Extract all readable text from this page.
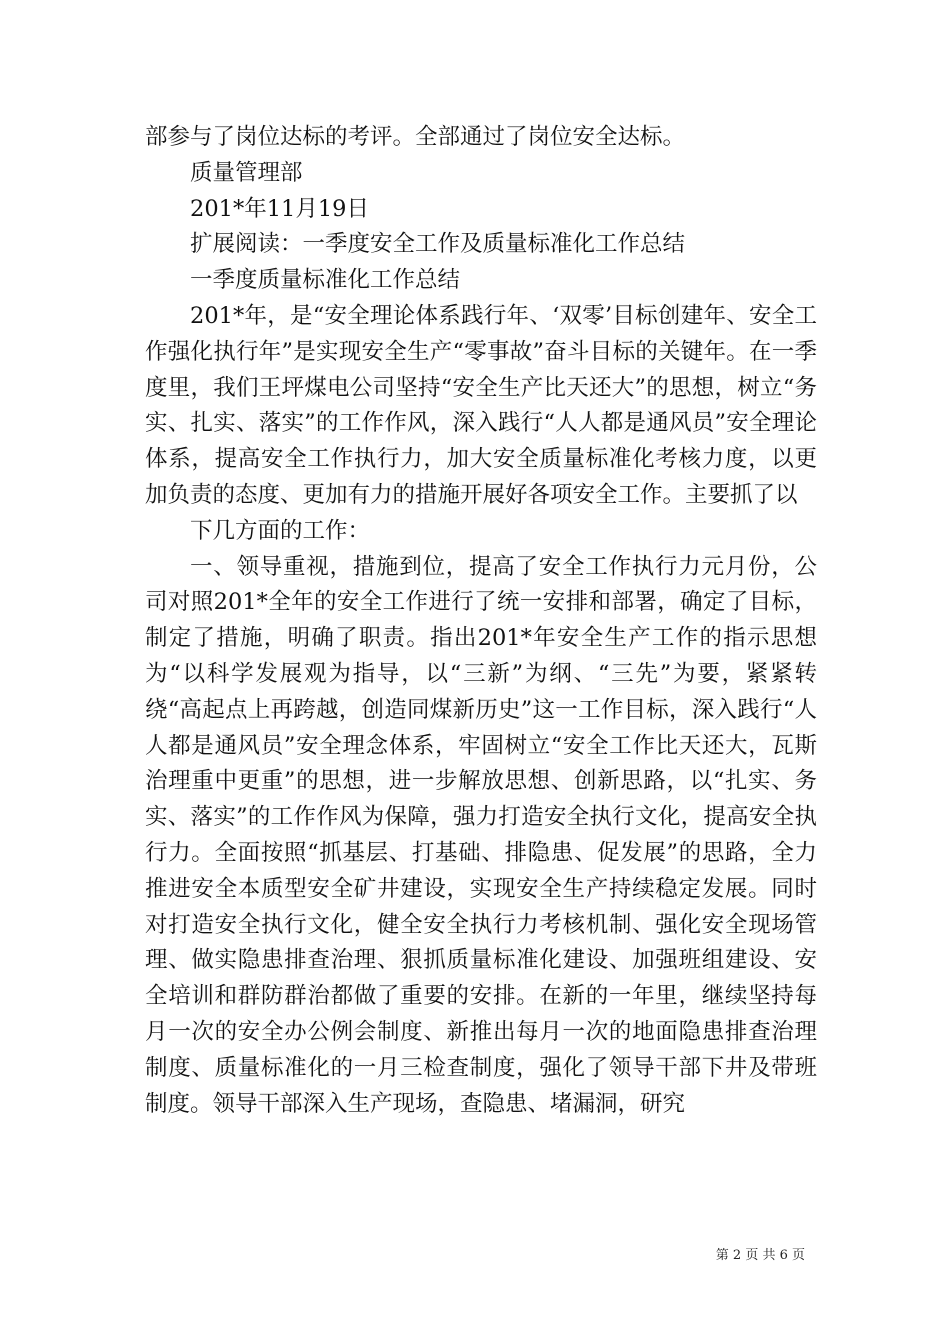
部参与了岗位达标的考评。全部通过了岗位安全达标。

质量管理部

201*年11月19日

扩展阅读：一季度安全工作及质量标准化工作总结

一季度质量标准化工作总结

201*年，是“安全理论体系践行年、‘双零’目标创建年、安全工作强化执行年”是实现安全生产“零事故”奋斗目标的关键年。在一季度里，我们王坪煤电公司坚持“安全生产比天还大”的思想，树立“务实、扎实、落实”的工作作风，深入践行“人人都是通风员”安全理论体系，提高安全工作执行力，加大安全质量标准化考核力度，以更加负责的态度、更加有力的措施开展好各项安全工作。主要抓了以

下几方面的工作：

一、领导重视，措施到位，提高了安全工作执行力元月份，公司对照201*全年的安全工作进行了统一安排和部署，确定了目标，制定了措施，明确了职责。指出201*年安全生产工作的指示思想为“以科学发展观为指导，以“三新”为纲、“三先”为要，紧紧转绕“高起点上再跨越，创造同煤新历史”这一工作目标，深入践行“人人都是通风员”安全理念体系，牢固树立“安全工作比天还大，瓦斯治理重中更重”的思想，进一步解放思想、创新思路，以“扎实、务实、落实”的工作作风为保障，强力打造安全执行文化，提高安全执行力。全面按照“抓基层、打基础、排隐患、促发展”的思路，全力推进安全本质型安全矿井建设，实现安全生产持续稳定发展。同时对打造安全执行文化，健全安全执行力考核机制、强化安全现场管理、做实隐患排查治理、狠抓质量标准化建设、加强班组建设、安全培训和群防群治都做了重要的安排。在新的一年里，继续坚持每月一次的安全办公例会制度、新推出每月一次的地面隐患排查治理制度、质量标准化的一月三检查制度，强化了领导干部下井及带班制度。领导干部深入生产现场，查隐患、堵漏洞，研究

第 2 页 共 6 页
